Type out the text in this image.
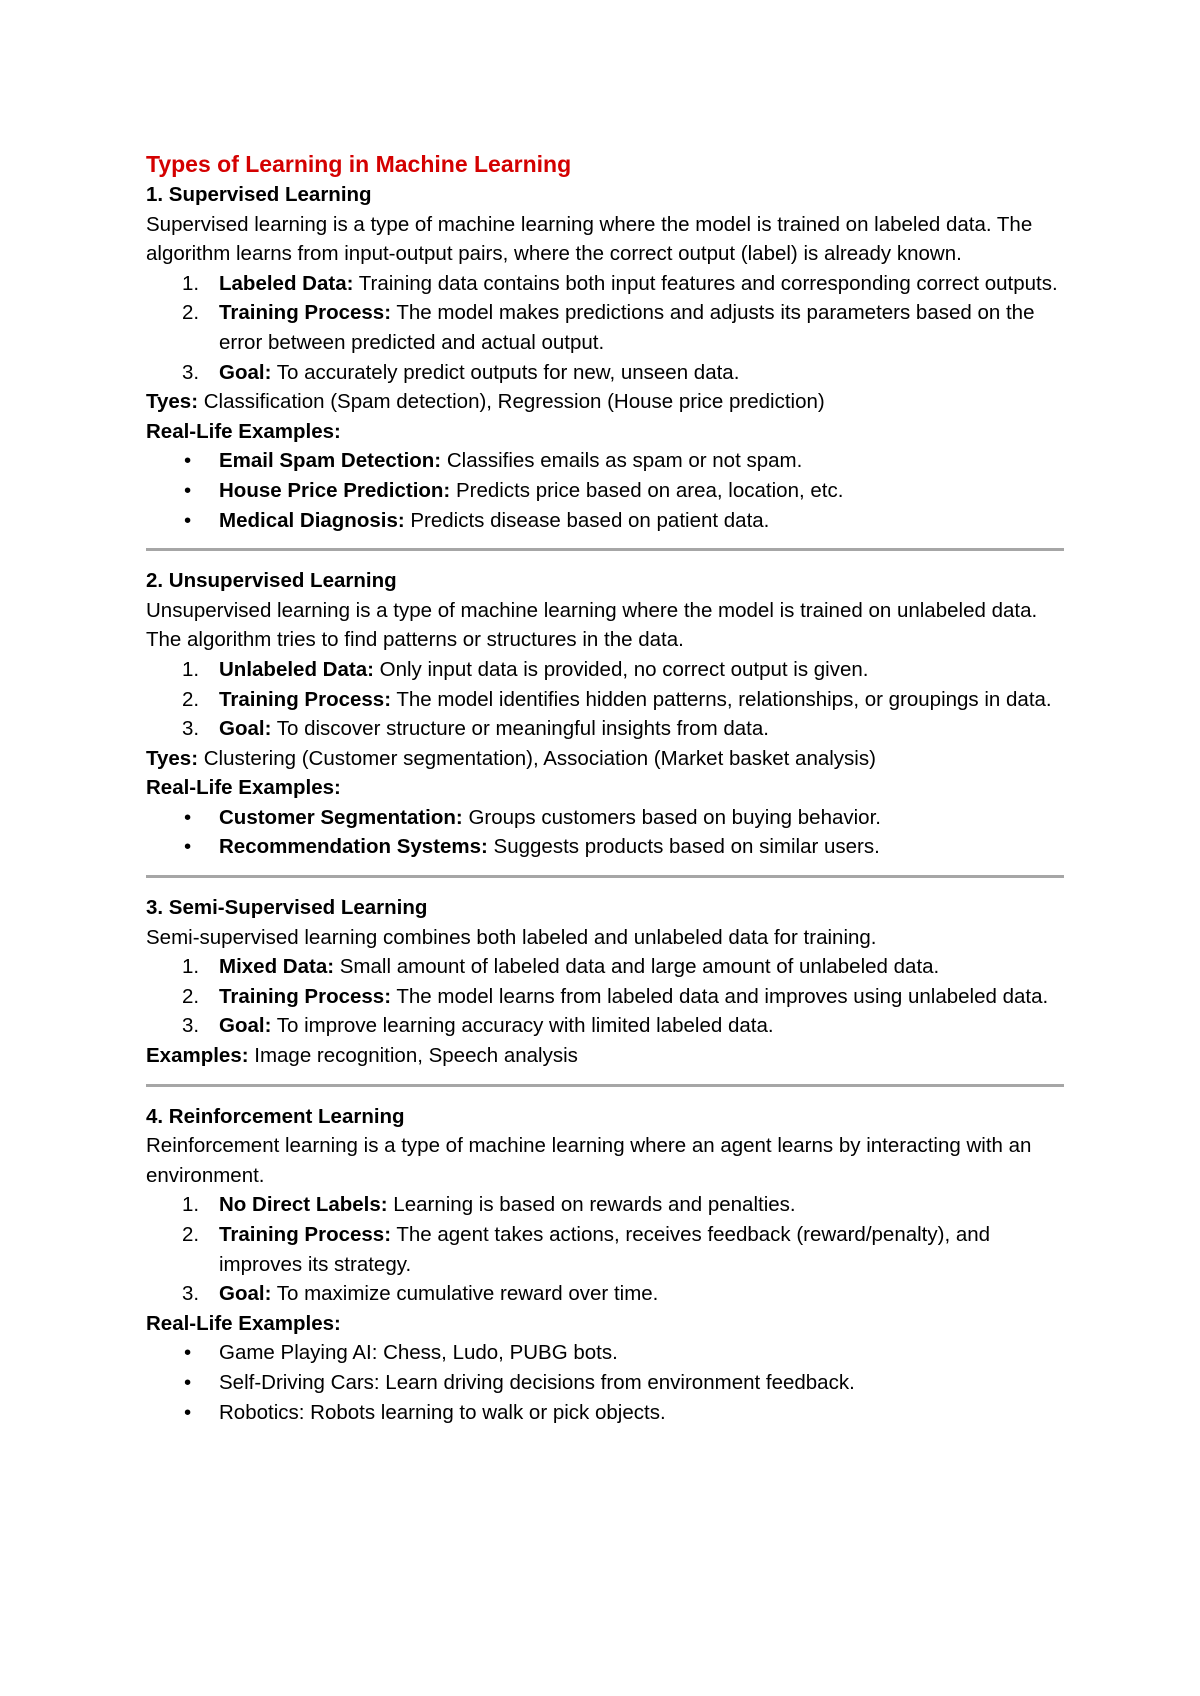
Types of Learning in Machine Learning

1. Supervised Learning

Supervised learning is a type of machine learning where the model is trained on labeled data. The algorithm learns from input-output pairs, where the correct output (label) is already known.

1. Labeled Data: Training data contains both input features and corresponding correct outputs.
2. Training Process: The model makes predictions and adjusts its parameters based on the error between predicted and actual output.
3. Goal: To accurately predict outputs for new, unseen data.

Tyes: Classification (Spam detection), Regression (House price prediction)

Real-Life Examples:

• Email Spam Detection: Classifies emails as spam or not spam.
• House Price Prediction: Predicts price based on area, location, etc.
• Medical Diagnosis: Predicts disease based on patient data.

2. Unsupervised Learning

Unsupervised learning is a type of machine learning where the model is trained on unlabeled data. The algorithm tries to find patterns or structures in the data.

1. Unlabeled Data: Only input data is provided, no correct output is given.
2. Training Process: The model identifies hidden patterns, relationships, or groupings in data.
3. Goal: To discover structure or meaningful insights from data.

Tyes: Clustering (Customer segmentation), Association (Market basket analysis)

Real-Life Examples:

• Customer Segmentation: Groups customers based on buying behavior.
• Recommendation Systems: Suggests products based on similar users.

3. Semi-Supervised Learning

Semi-supervised learning combines both labeled and unlabeled data for training.

1. Mixed Data: Small amount of labeled data and large amount of unlabeled data.
2. Training Process: The model learns from labeled data and improves using unlabeled data.
3. Goal: To improve learning accuracy with limited labeled data.

Examples: Image recognition, Speech analysis

4. Reinforcement Learning

Reinforcement learning is a type of machine learning where an agent learns by interacting with an environment.

1. No Direct Labels: Learning is based on rewards and penalties.
2. Training Process: The agent takes actions, receives feedback (reward/penalty), and improves its strategy.
3. Goal: To maximize cumulative reward over time.

Real-Life Examples:

• Game Playing AI: Chess, Ludo, PUBG bots.
• Self-Driving Cars: Learn driving decisions from environment feedback.
• Robotics: Robots learning to walk or pick objects.
